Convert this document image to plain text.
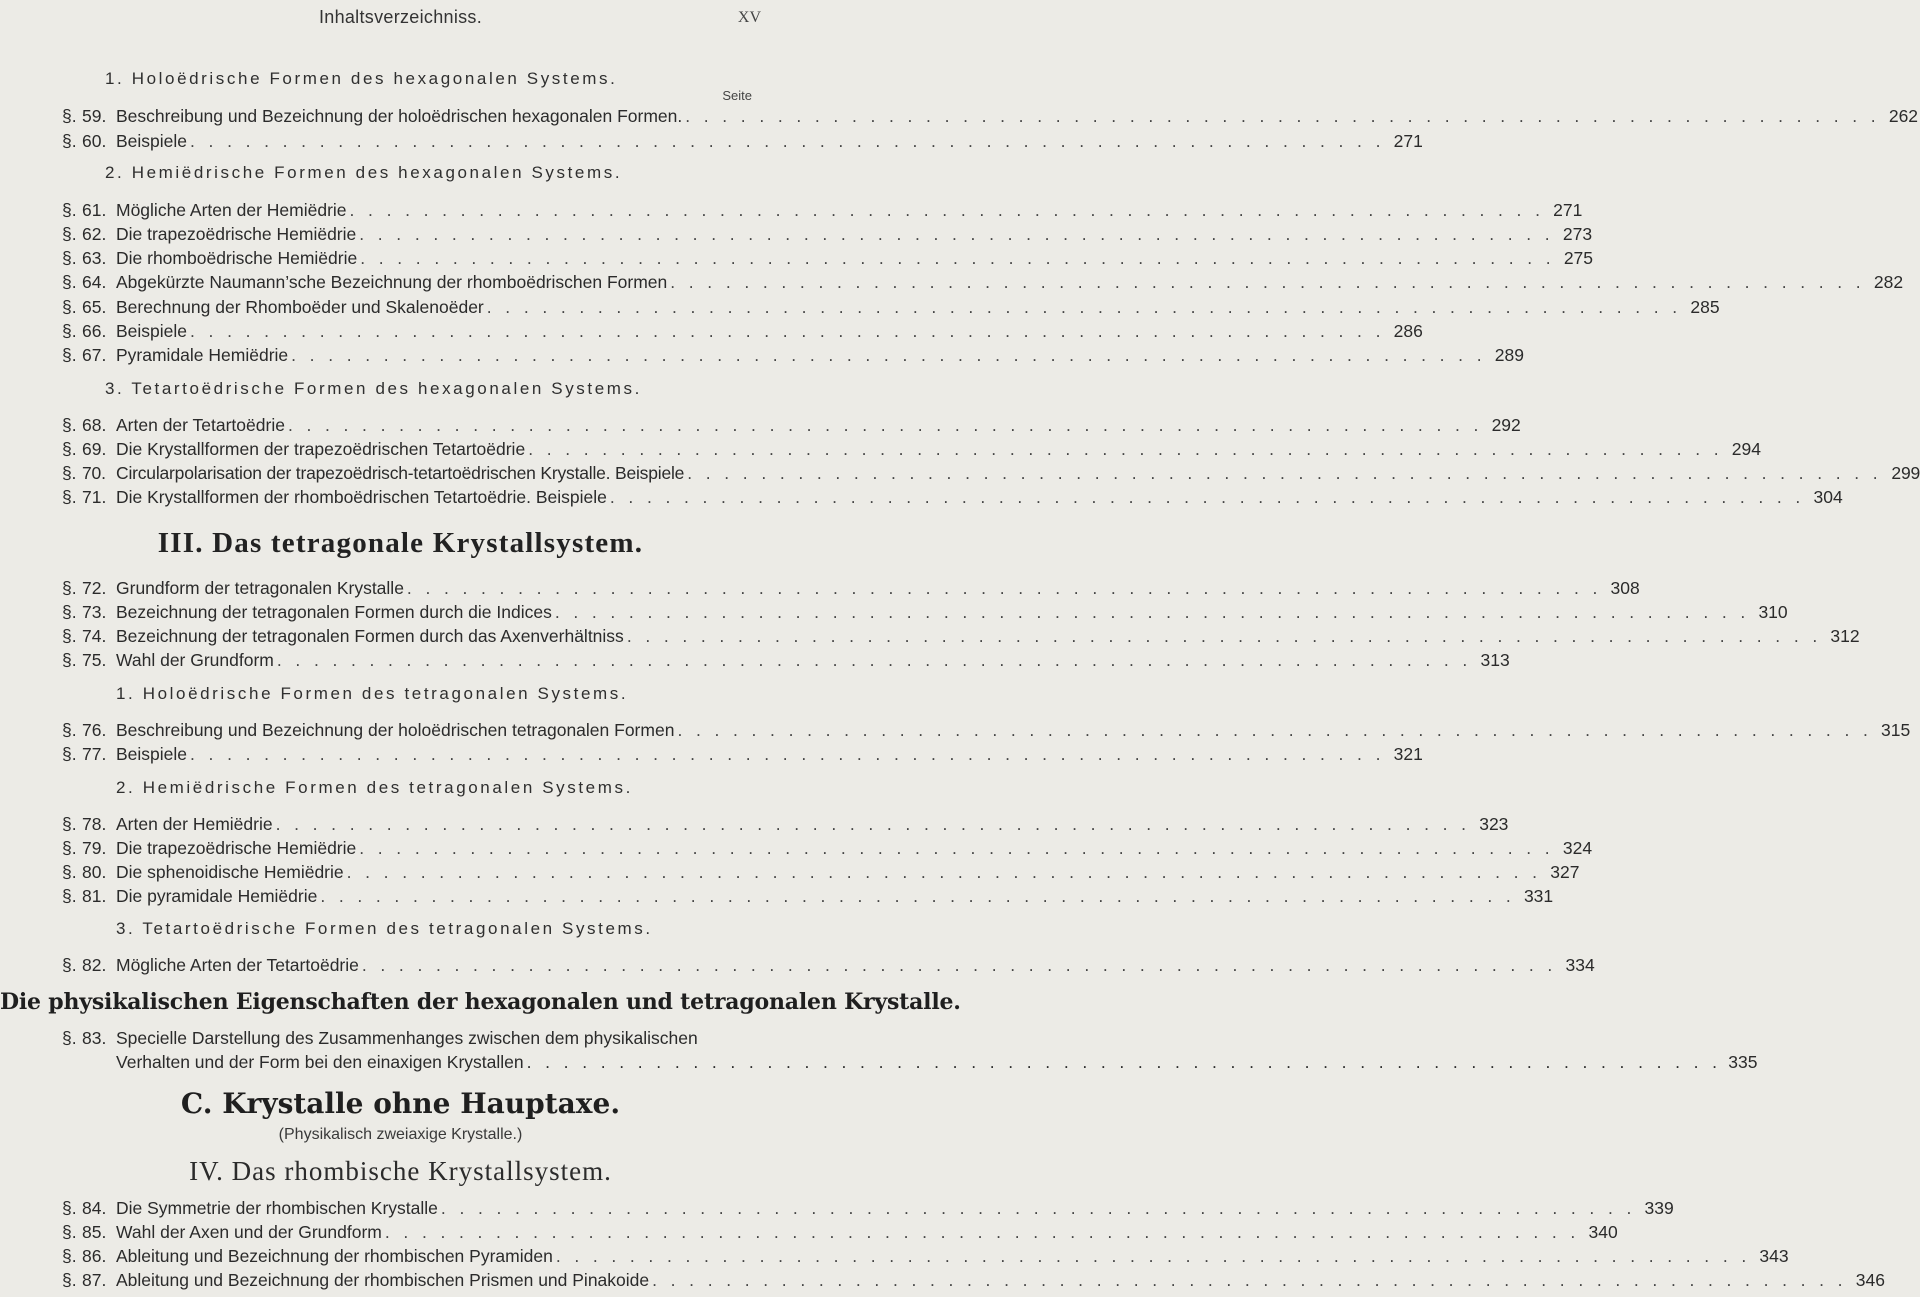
Inhaltsverzeichniss.	XV
Seite
1. Holoëdrische Formen des hexagonalen Systems.
§. 59. Beschreibung und Bezeichnung der holoëdrischen hexagonalen Formen. . . . . . . . . . . . . . . . . . . . . . . . . . . . . . . . . . . . . . . . . . . . . . . . . . . . . . . . . . . . . . . . . . 262
§. 60. Beispiele . . . . . . . . . . . . . . . . . . . . . . . . . . . . . . . . . . . . . . . . . . . . . . . . . . . . . . . . . . . . . . . . . 271
2. Hemiëdrische Formen des hexagonalen Systems.
§. 61. Mögliche Arten der Hemiëdrie . . . . . . . . . . . . . . . . . . . . . . . . . . . . . . . . . . . . . . . . . . . . . . . . . . . . . . . . . . . . . . . . . 271
§. 62. Die trapezoëdrische Hemiëdrie . . . . . . . . . . . . . . . . . . . . . . . . . . . . . . . . . . . . . . . . . . . . . . . . . . . . . . . . . . . . . . . . . 273
§. 63. Die rhomboëdrische Hemiëdrie . . . . . . . . . . . . . . . . . . . . . . . . . . . . . . . . . . . . . . . . . . . . . . . . . . . . . . . . . . . . . . . . . 275
§. 64. Abgekürzte Naumann’sche Bezeichnung der rhomboëdrischen Formen . . . . . . . . . . . . . . . . . . . . . . . . . . . . . . . . . . . . . . . . . . . . . . . . . . . . . . . . . . . . . . . . . 282
§. 65. Berechnung der Rhomboëder und Skalenoëder . . . . . . . . . . . . . . . . . . . . . . . . . . . . . . . . . . . . . . . . . . . . . . . . . . . . . . . . . . . . . . . . . 285
§. 66. Beispiele . . . . . . . . . . . . . . . . . . . . . . . . . . . . . . . . . . . . . . . . . . . . . . . . . . . . . . . . . . . . . . . . . 286
§. 67. Pyramidale Hemiëdrie . . . . . . . . . . . . . . . . . . . . . . . . . . . . . . . . . . . . . . . . . . . . . . . . . . . . . . . . . . . . . . . . . 289
3. Tetartoëdrische Formen des hexagonalen Systems.
§. 68. Arten der Tetartoëdrie . . . . . . . . . . . . . . . . . . . . . . . . . . . . . . . . . . . . . . . . . . . . . . . . . . . . . . . . . . . . . . . . . 292
§. 69. Die Krystallformen der trapezoëdrischen Tetartoëdrie . . . . . . . . . . . . . . . . . . . . . . . . . . . . . . . . . . . . . . . . . . . . . . . . . . . . . . . . . . . . . . . . . 294
§. 70. Circularpolarisation der trapezoëdrisch-tetartoëdrischen Krystalle. Beispiele . . . . . . . . . . . . . . . . . . . . . . . . . . . . . . . . . . . . . . . . . . . . . . . . . . . . . . . . . . . . . . . . . 299
§. 71. Die Krystallformen der rhomboëdrischen Tetartoëdrie. Beispiele . . . . . . . . . . . . . . . . . . . . . . . . . . . . . . . . . . . . . . . . . . . . . . . . . . . . . . . . . . . . . . . . . 304
III. Das tetragonale Krystallsystem.
§. 72. Grundform der tetragonalen Krystalle . . . . . . . . . . . . . . . . . . . . . . . . . . . . . . . . . . . . . . . . . . . . . . . . . . . . . . . . . . . . . . . . . 308
§. 73. Bezeichnung der tetragonalen Formen durch die Indices . . . . . . . . . . . . . . . . . . . . . . . . . . . . . . . . . . . . . . . . . . . . . . . . . . . . . . . . . . . . . . . . . 310
§. 74. Bezeichnung der tetragonalen Formen durch das Axenverhältniss . . . . . . . . . . . . . . . . . . . . . . . . . . . . . . . . . . . . . . . . . . . . . . . . . . . . . . . . . . . . . . . . . 312
§. 75. Wahl der Grundform . . . . . . . . . . . . . . . . . . . . . . . . . . . . . . . . . . . . . . . . . . . . . . . . . . . . . . . . . . . . . . . . . 313
1. Holoëdrische Formen des tetragonalen Systems.
§. 76. Beschreibung und Bezeichnung der holoëdrischen tetragonalen Formen . . . . . . . . . . . . . . . . . . . . . . . . . . . . . . . . . . . . . . . . . . . . . . . . . . . . . . . . . . . . . . . . . 315
§. 77. Beispiele . . . . . . . . . . . . . . . . . . . . . . . . . . . . . . . . . . . . . . . . . . . . . . . . . . . . . . . . . . . . . . . . . 321
2. Hemiëdrische Formen des tetragonalen Systems.
§. 78. Arten der Hemiëdrie . . . . . . . . . . . . . . . . . . . . . . . . . . . . . . . . . . . . . . . . . . . . . . . . . . . . . . . . . . . . . . . . . 323
§. 79. Die trapezoëdrische Hemiëdrie . . . . . . . . . . . . . . . . . . . . . . . . . . . . . . . . . . . . . . . . . . . . . . . . . . . . . . . . . . . . . . . . . 324
§. 80. Die sphenoidische Hemiëdrie . . . . . . . . . . . . . . . . . . . . . . . . . . . . . . . . . . . . . . . . . . . . . . . . . . . . . . . . . . . . . . . . . 327
§. 81. Die pyramidale Hemiëdrie . . . . . . . . . . . . . . . . . . . . . . . . . . . . . . . . . . . . . . . . . . . . . . . . . . . . . . . . . . . . . . . . . 331
3. Tetartoëdrische Formen des tetragonalen Systems.
§. 82. Mögliche Arten der Tetartoëdrie . . . . . . . . . . . . . . . . . . . . . . . . . . . . . . . . . . . . . . . . . . . . . . . . . . . . . . . . . . . . . . . . . 334
Die physikalischen Eigenschaften der hexagonalen und tetragonalen Krystalle.
§. 83. Specielle Darstellung des Zusammenhanges zwischen dem physikalischen
Verhalten und der Form bei den einaxigen Krystallen . . . . . . . . . . . . . . . . . . . . . . . . . . . . . . . . . . . . . . . . . . . . . . . . . . . . . . . . . . . . . . . . . 335
C. Krystalle ohne Hauptaxe.
(Physikalisch zweiaxige Krystalle.)
IV. Das rhombische Krystallsystem.
§. 84. Die Symmetrie der rhombischen Krystalle . . . . . . . . . . . . . . . . . . . . . . . . . . . . . . . . . . . . . . . . . . . . . . . . . . . . . . . . . . . . . . . . . 339
§. 85. Wahl der Axen und der Grundform . . . . . . . . . . . . . . . . . . . . . . . . . . . . . . . . . . . . . . . . . . . . . . . . . . . . . . . . . . . . . . . . . 340
§. 86. Ableitung und Bezeichnung der rhombischen Pyramiden . . . . . . . . . . . . . . . . . . . . . . . . . . . . . . . . . . . . . . . . . . . . . . . . . . . . . . . . . . . . . . . . . 343
§. 87. Ableitung und Bezeichnung der rhombischen Prismen und Pinakoide . . . . . . . . . . . . . . . . . . . . . . . . . . . . . . . . . . . . . . . . . . . . . . . . . . . . . . . . . . . . . . . . . 346
